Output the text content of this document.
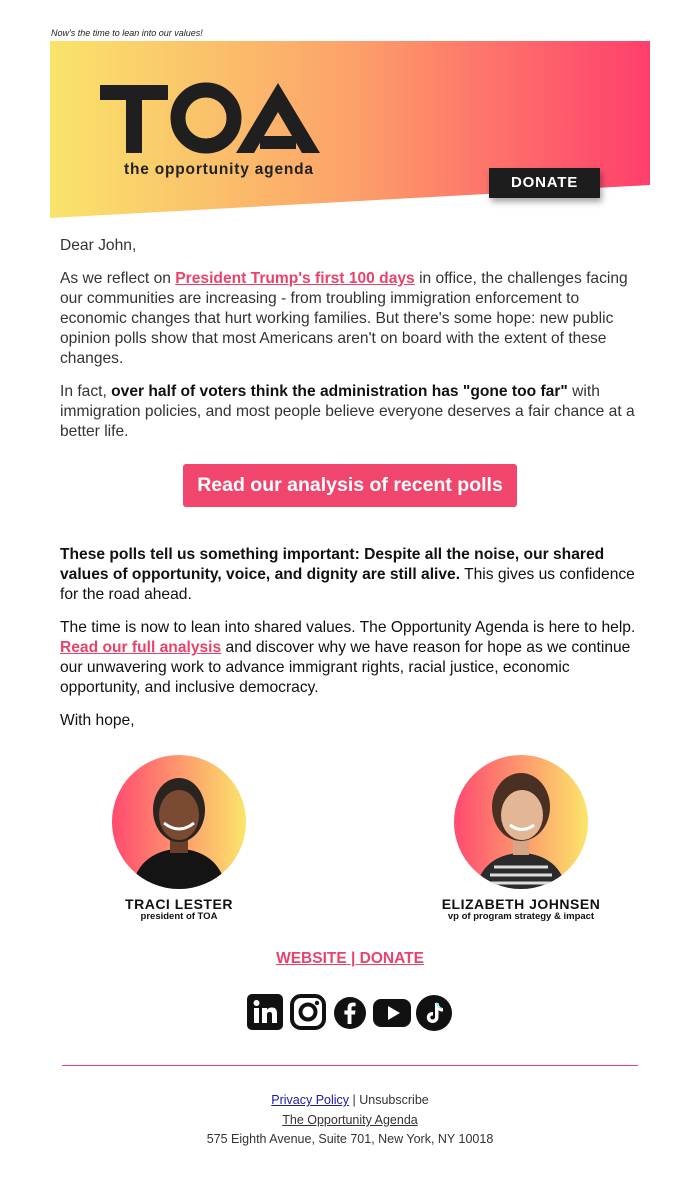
Now's the time to lean into our values!
the opportunity agenda
DONATE

Dear John,

As we reflect on President Trump's first 100 days in office, the challenges facing our communities are increasing - from troubling immigration enforcement to economic changes that hurt working families. But there's some hope: new public opinion polls show that most Americans aren't on board with the extent of these changes.

In fact, over half of voters think the administration has "gone too far" with immigration policies, and most people believe everyone deserves a fair chance at a better life.

Read our analysis of recent polls

These polls tell us something important: Despite all the noise, our shared values of opportunity, voice, and dignity are still alive. This gives us confidence for the road ahead.

The time is now to lean into shared values. The Opportunity Agenda is here to help. Read our full analysis and discover why we have reason for hope as we continue our unwavering work to advance immigrant rights, racial justice, economic opportunity, and inclusive democracy.

With hope,

TRACI LESTER
president of TOA
ELIZABETH JOHNSEN
vp of program strategy & impact
WEBSITE | DONATE
Privacy Policy | Unsubscribe
The Opportunity Agenda
575 Eighth Avenue, Suite 701, New York, NY 10018
